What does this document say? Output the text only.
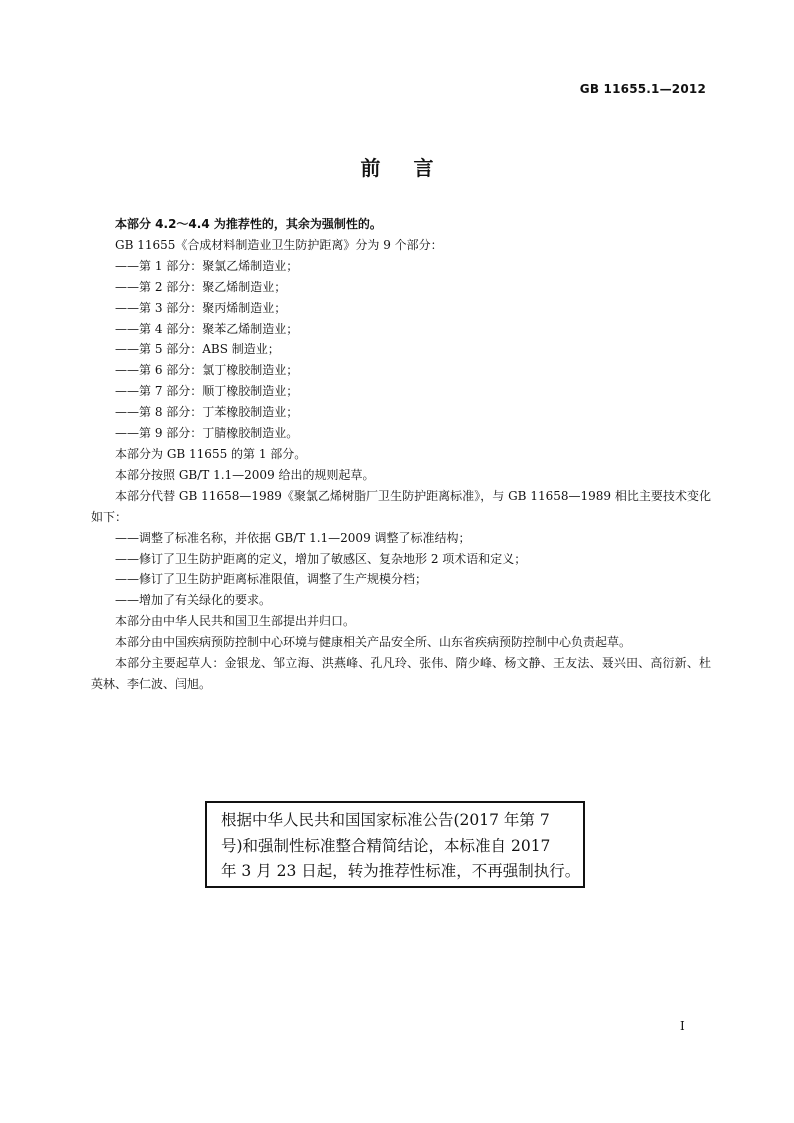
GB 11655.1—2012
前 言

本部分 4.2～4.4 为推荐性的，其余为强制性的。

GB 11655《合成材料制造业卫生防护距离》分为 9 个部分：

——第 1 部分：聚氯乙烯制造业；

——第 2 部分：聚乙烯制造业；

——第 3 部分：聚丙烯制造业；

——第 4 部分：聚苯乙烯制造业；

——第 5 部分：ABS 制造业；

——第 6 部分：氯丁橡胶制造业；

——第 7 部分：顺丁橡胶制造业；

——第 8 部分：丁苯橡胶制造业；

——第 9 部分：丁腈橡胶制造业。

本部分为 GB 11655 的第 1 部分。

本部分按照 GB/T 1.1—2009 给出的规则起草。

本部分代替 GB 11658—1989《聚氯乙烯树脂厂卫生防护距离标准》，与 GB 11658—1989 相比主要技术变化如下：

——调整了标准名称，并依据 GB/T 1.1—2009 调整了标准结构；

——修订了卫生防护距离的定义，增加了敏感区、复杂地形 2 项术语和定义；

——修订了卫生防护距离标准限值，调整了生产规模分档；

——增加了有关绿化的要求。

本部分由中华人民共和国卫生部提出并归口。

本部分由中国疾病预防控制中心环境与健康相关产品安全所、山东省疾病预防控制中心负责起草。

本部分主要起草人：金银龙、邹立海、洪燕峰、孔凡玲、张伟、隋少峰、杨文静、王友法、聂兴田、高衍新、杜英林、李仁波、闫旭。

根据中华人民共和国国家标准公告(2017 年第 7
号)和强制性标准整合精简结论，本标准自 2017
年 3 月 23 日起，转为推荐性标准，不再强制执行。
I
